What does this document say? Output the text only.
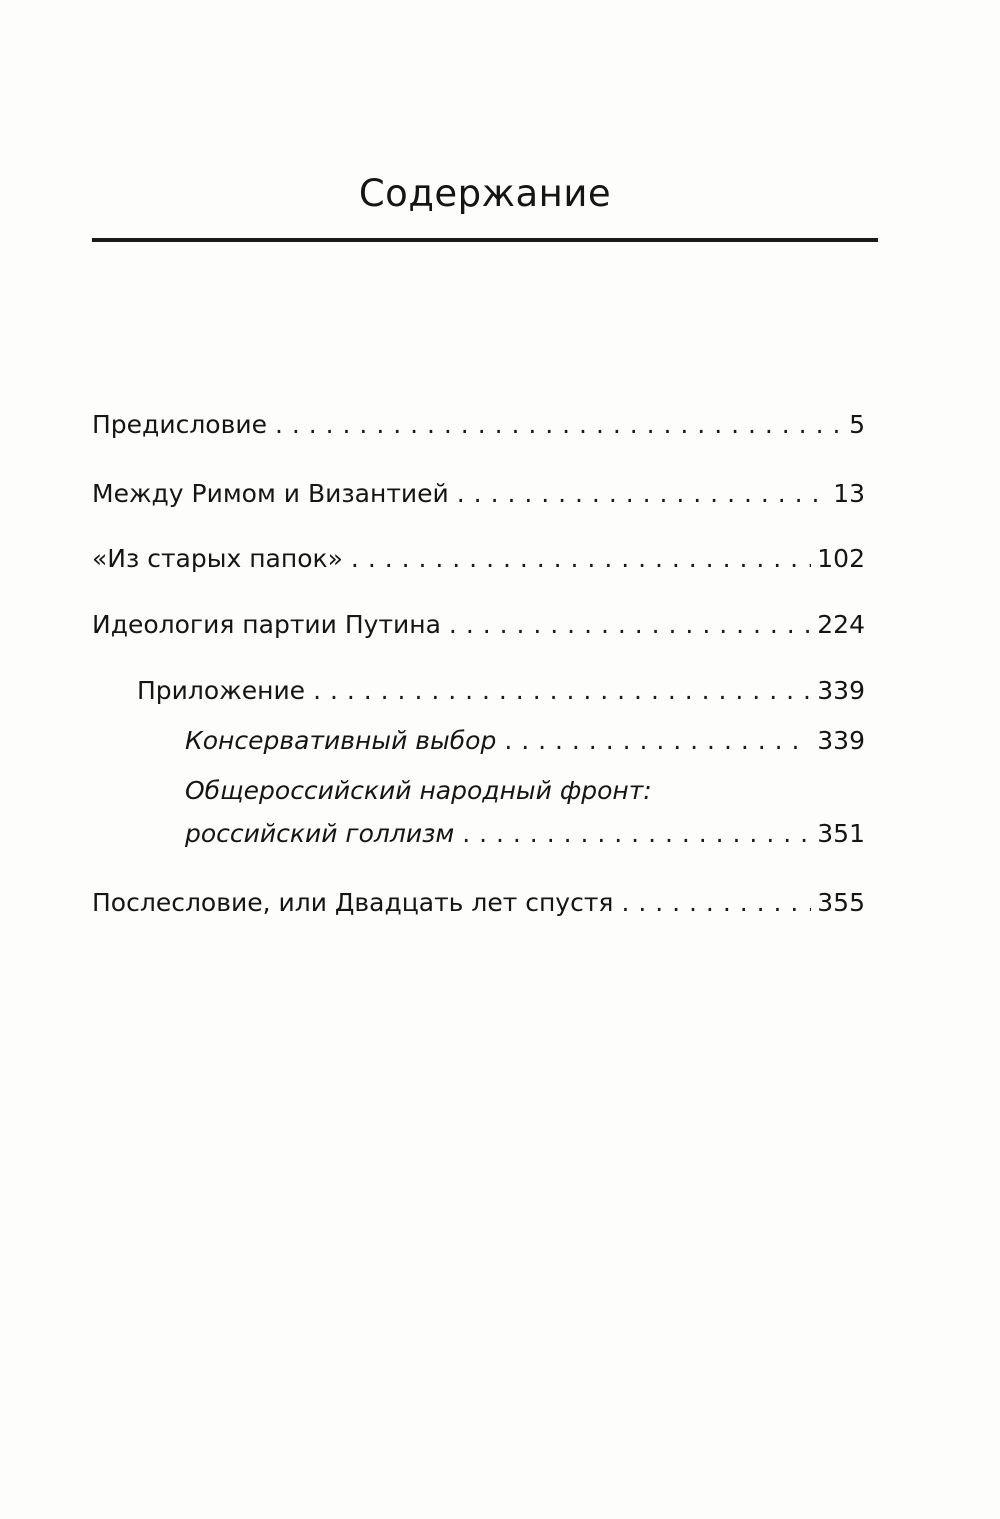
Содержание
Предисловие . . .	5
Между Римом и Византией . . .	13
«Из старых папок» . . .	102
Идеология партии Путина . . .	224
Приложение . . .	339
Консервативный выбор . . .	339
Общероссийский народный фронт:
российский голлизм . . .	351
Послесловие, или Двадцать лет спустя . . .	355
